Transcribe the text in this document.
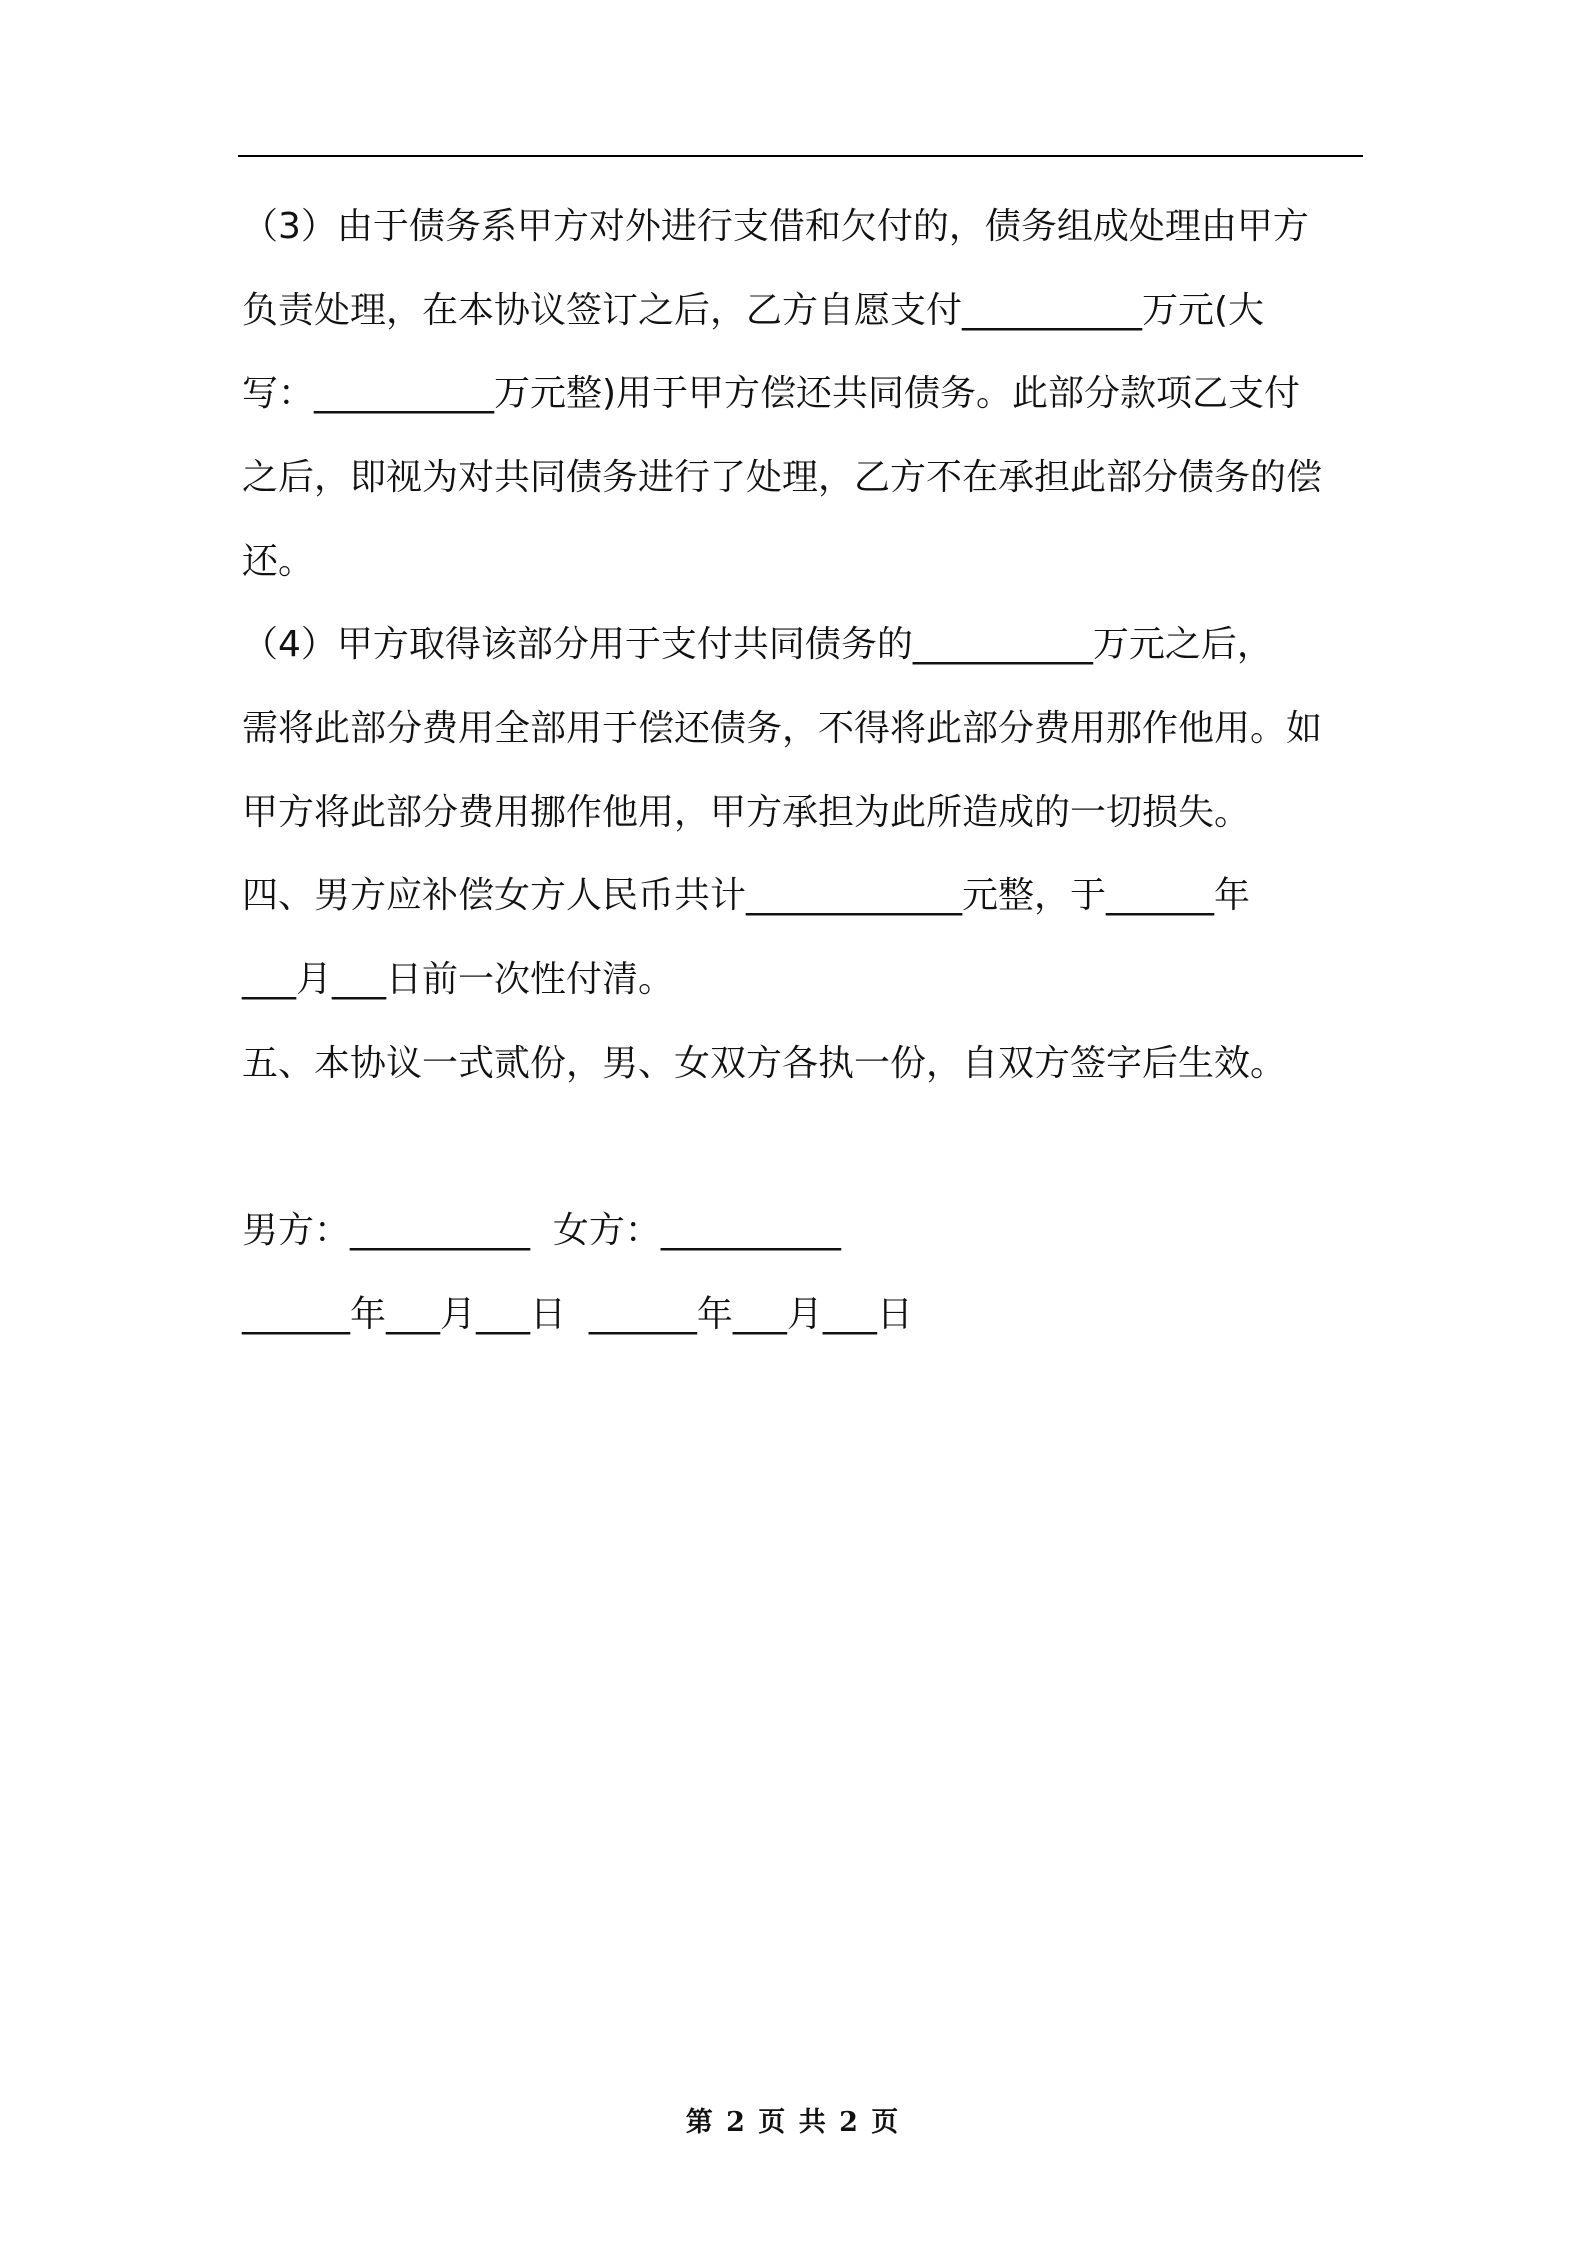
（3）由于债务系甲方对外进行支借和欠付的，债务组成处理由甲方
负责处理，在本协议签订之后，乙方自愿支付__________万元(大
写：__________万元整)用于甲方偿还共同债务。此部分款项乙支付
之后，即视为对共同债务进行了处理，乙方不在承担此部分债务的偿
还。
（4）甲方取得该部分用于支付共同债务的__________万元之后，
需将此部分费用全部用于偿还债务，不得将此部分费用那作他用。如
甲方将此部分费用挪作他用，甲方承担为此所造成的一切损失。
四、男方应补偿女方人民币共计____________元整，于______年
___月___日前一次性付清。
五、本协议一式贰份，男、女双方各执一份，自双方签字后生效。
男方：__________  女方：__________
______年___月___日  ______年___月___日
第 2 页 共 2 页
